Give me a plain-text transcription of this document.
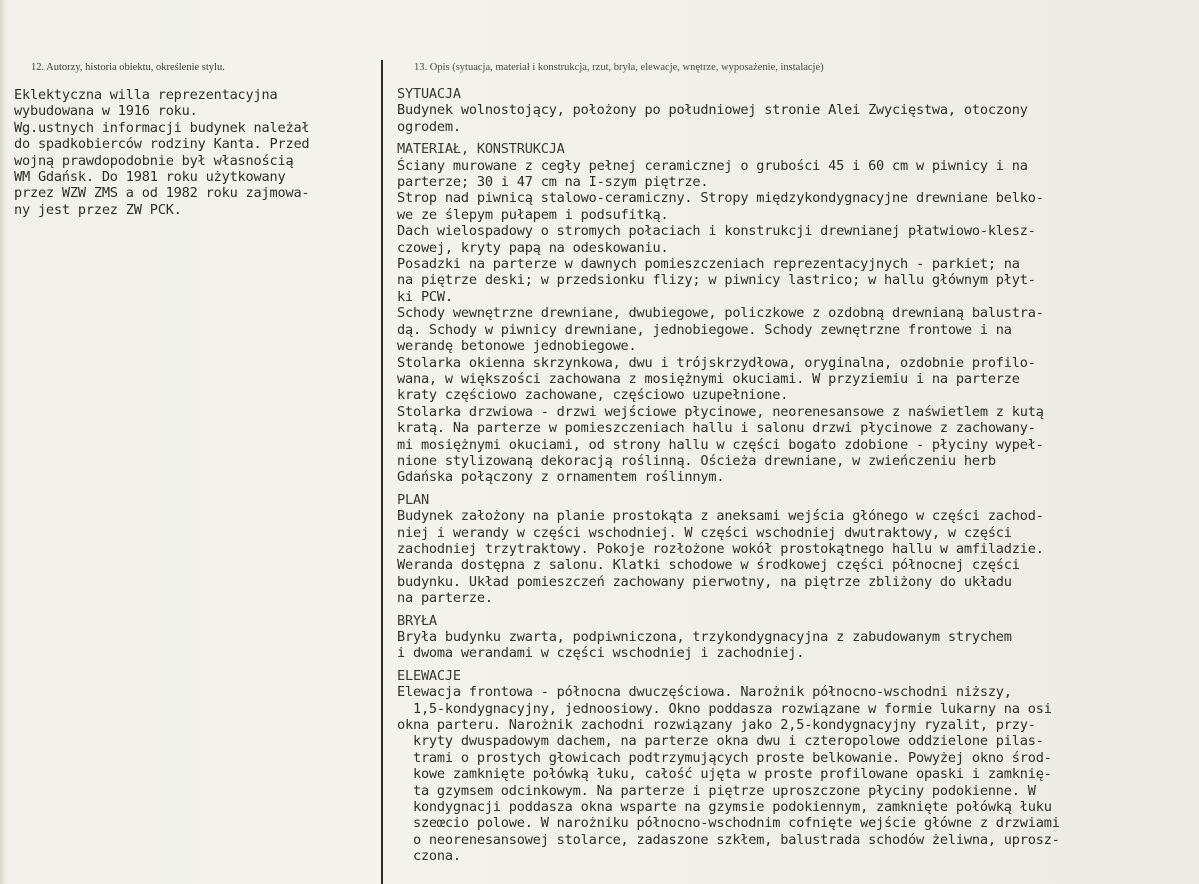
12. Autorzy, historia obiektu, określenie stylu.	13. Opis (sytuacja, materiał i konstrukcja, rzut, bryła, elewacje, wnętrze, wyposażenie, instalacje)
Eklektyczna willa reprezentacyjna
wybudowana w 1916 roku.
Wg.ustnych informacji budynek należał
do spadkobierców rodziny Kanta. Przed
wojną prawdopodobnie był własnością
WM Gdańsk. Do 1981 roku użytkowany
przez WZW ZMS a od 1982 roku zajmowa-
ny jest przez ZW PCK.
SYTUACJA
Budynek wolnostojący, położony po południowej stronie Alei Zwycięstwa, otoczony
ogrodem.
MATERIAŁ, KONSTRUKCJA
Ściany murowane z cegły pełnej ceramicznej o grubości 45 i 60 cm w piwnicy i na
parterze; 30 i 47 cm na I-szym piętrze.
Strop nad piwnicą stalowo-ceramiczny. Stropy międzykondygnacyjne drewniane belko-
we ze ślepym pułapem i podsufitką.
Dach wielospadowy o stromych połaciach i konstrukcji drewnianej płatwiowo-klesz-
czowej, kryty papą na odeskowaniu.
Posadzki na parterze w dawnych pomieszczeniach reprezentacyjnych - parkiet; na
na piętrze deski; w przedsionku flizy; w piwnicy lastrico; w hallu głównym płyt-
ki PCW.
Schody wewnętrzne drewniane, dwubiegowe, policzkowe z ozdobną drewnianą balustra-
dą. Schody w piwnicy drewniane, jednobiegowe. Schody zewnętrzne frontowe i na
werandę betonowe jednobiegowe.
Stolarka okienna skrzynkowa, dwu i trójskrzydłowa, oryginalna, ozdobnie profilo-
wana, w większości zachowana z mosiężnymi okuciami. W przyziemiu i na parterze
kraty częściowo zachowane, częściowo uzupełnione.
Stolarka drzwiowa - drzwi wejściowe płycinowe, neorenesansowe z naświetlem z kutą
kratą. Na parterze w pomieszczeniach hallu i salonu drzwi płycinowe z zachowany-
mi mosiężnymi okuciami, od strony hallu w części bogato zdobione - płyciny wypeł-
nione stylizowaną dekoracją roślinną. Ościeża drewniane, w zwieńczeniu herb
Gdańska połączony z ornamentem roślinnym.
PLAN
Budynek założony na planie prostokąta z aneksami wejścia głónego w części zachod-
niej i werandy w części wschodniej. W części wschodniej dwutraktowy, w części
zachodniej trzytraktowy. Pokoje rozłożone wokół prostokątnego hallu w amfiladzie.
Weranda dostępna z salonu. Klatki schodowe w środkowej części północnej części
budynku. Układ pomieszczeń zachowany pierwotny, na piętrze zbliżony do układu
na parterze.
BRYŁA
Bryła budynku zwarta, podpiwniczona, trzykondygnacyjna z zabudowanym strychem
i dwoma werandami w części wschodniej i zachodniej.
ELEWACJE
Elewacja frontowa - północna dwuczęściowa. Narożnik północno-wschodni niższy,
1,5-kondygnacyjny, jednoosiowy. Okno poddasza rozwiązane w formie lukarny na osi
okna parteru. Narożnik zachodni rozwiązany jako 2,5-kondygnacyjny ryzalit, przy-
kryty dwuspadowym dachem, na parterze okna dwu i czteropolowe oddzielone pilas-
trami o prostych głowicach podtrzymujących proste belkowanie. Powyżej okno środ-
kowe zamknięte połówką łuku, całość ujęta w proste profilowane opaski i zamknię-
ta gzymsem odcinkowym. Na parterze i piętrze uproszczone płyciny podokienne. W
kondygnacji poddasza okna wsparte na gzymsie podokiennym, zamknięte połówką łuku
szeœcio polowe. W narożniku północno-wschodnim cofnięte wejście główne z drzwiami
o neorenesansowej stolarce, zadaszone szkłem, balustrada schodów żeliwna, uprosz-
czona.
